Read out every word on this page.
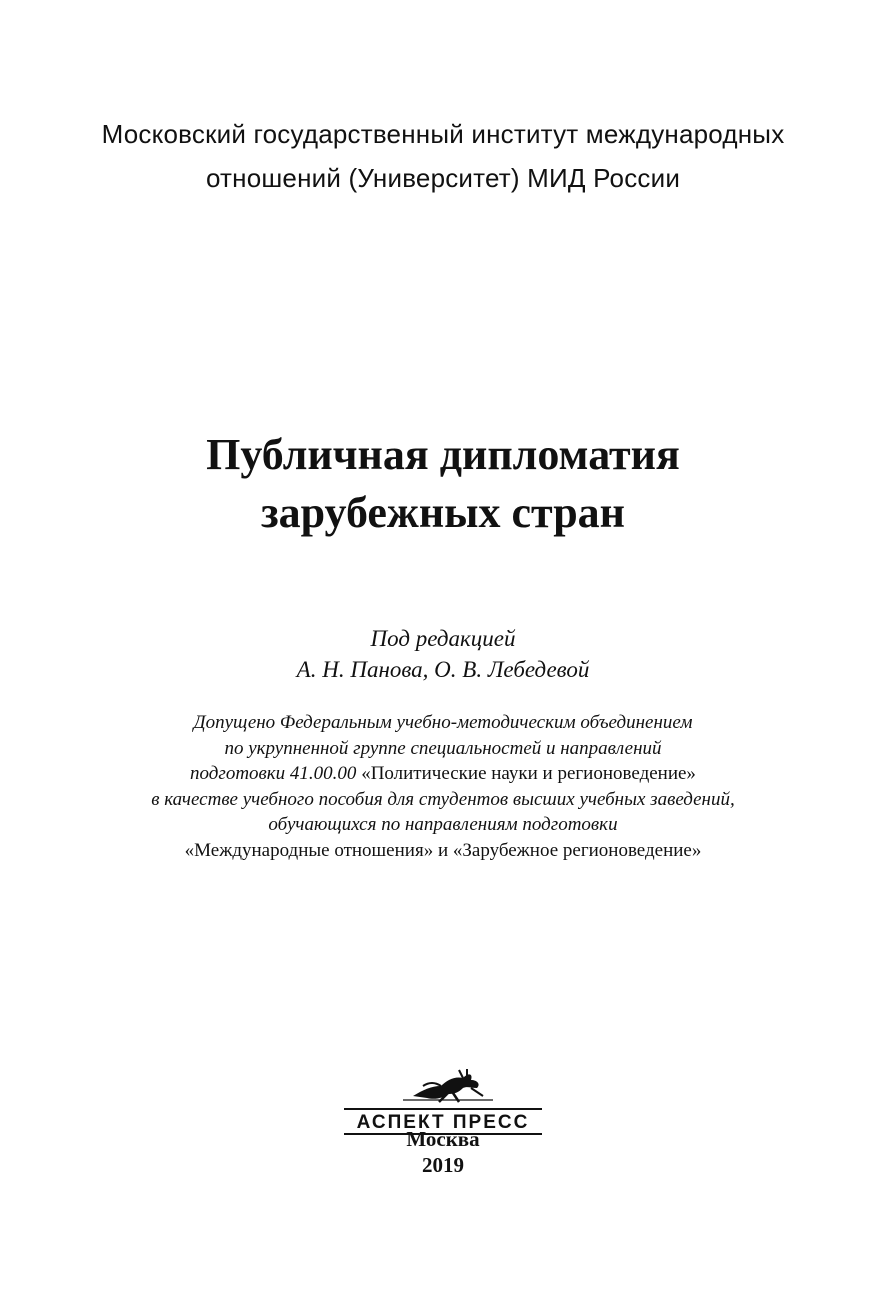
Московский государственный институт международных
отношений (Университет) МИД России
Публичная дипломатия
зарубежных стран
Под редакцией
А. Н. Панова, О. В. Лебедевой
Допущено Федеральным учебно-методическим объединением
по укрупненной группе специальностей и направлений
подготовки 41.00.00 «Политические науки и регионоведение»
в качестве учебного пособия для студентов высших учебных заведений,
обучающихся по направлениям подготовки
«Международные отношения» и «Зарубежное регионоведение»
АСПЕКТ ПРЕСС
Москва
2019
